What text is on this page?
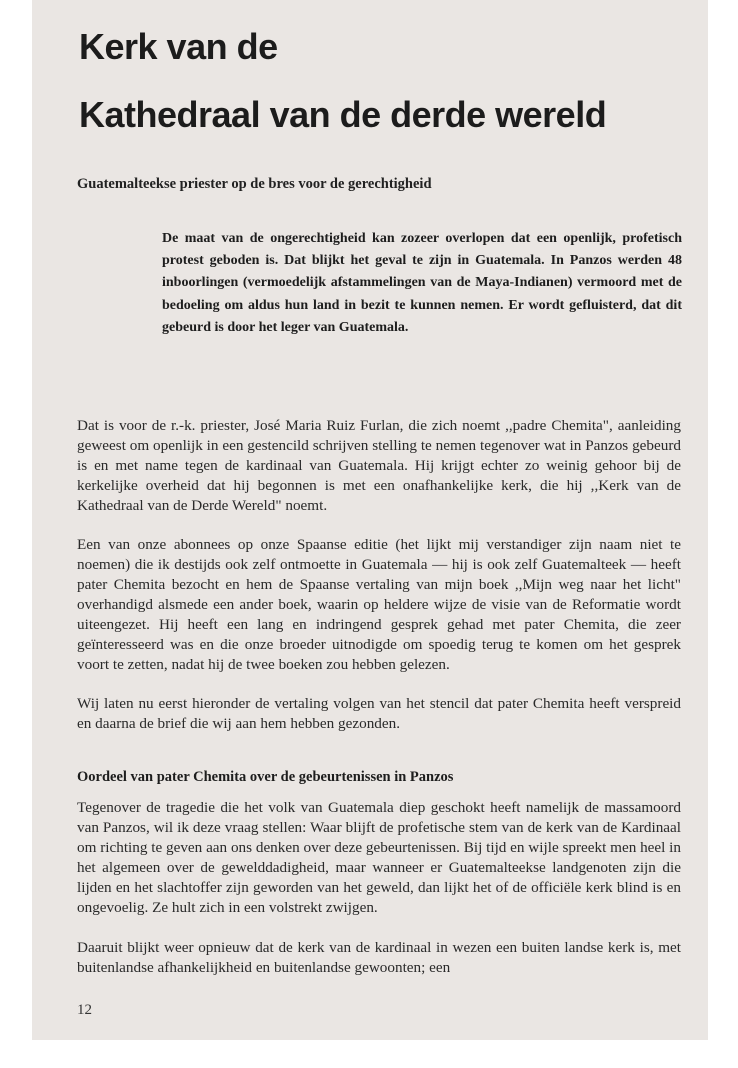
Kerk van de
Kathedraal van de derde wereld
Guatemalteekse priester op de bres voor de gerechtigheid

De maat van de ongerechtigheid kan zozeer overlopen dat een openlijk, profetisch protest geboden is. Dat blijkt het geval te zijn in Guatemala. In Panzos werden 48 inboorlingen (vermoedelijk afstammelingen van de Maya-Indianen) vermoord met de bedoeling om aldus hun land in bezit te kunnen nemen. Er wordt gefluisterd, dat dit gebeurd is door het leger van Guatemala.

Dat is voor de r.-k. priester, José Maria Ruiz Furlan, die zich noemt ,,padre Chemita", aanleiding geweest om openlijk in een gestencild schrijven stelling te nemen tegenover wat in Panzos gebeurd is en met name tegen de kardinaal van Guatemala. Hij krijgt echter zo weinig gehoor bij de kerkelijke overheid dat hij begonnen is met een onafhankelijke kerk, die hij ,,Kerk van de Kathedraal van de Derde Wereld" noemt.

Een van onze abonnees op onze Spaanse editie (het lijkt mij verstandiger zijn naam niet te noemen) die ik destijds ook zelf ontmoette in Guatemala — hij is ook zelf Guatemalteek — heeft pater Chemita bezocht en hem de Spaanse vertaling van mijn boek ,,Mijn weg naar het licht" overhandigd alsmede een ander boek, waarin op heldere wijze de visie van de Reformatie wordt uiteengezet. Hij heeft een lang en indringend gesprek gehad met pater Chemita, die zeer geïnteresseerd was en die onze broeder uitnodigde om spoedig terug te komen om het gesprek voort te zetten, nadat hij de twee boeken zou hebben gelezen.

Wij laten nu eerst hieronder de vertaling volgen van het stencil dat pater Chemita heeft verspreid en daarna de brief die wij aan hem hebben gezonden.

Oordeel van pater Chemita over de gebeurtenissen in Panzos

Tegenover de tragedie die het volk van Guatemala diep geschokt heeft namelijk de massamoord van Panzos, wil ik deze vraag stellen: Waar blijft de profetische stem van de kerk van de Kardinaal om richting te geven aan ons denken over deze gebeurtenissen. Bij tijd en wijle spreekt men heel in het algemeen over de gewelddadigheid, maar wanneer er Guatemalteekse landgenoten zijn die lijden en het slachtoffer zijn geworden van het geweld, dan lijkt het of de officiële kerk blind is en ongevoelig. Ze hult zich in een volstrekt zwijgen.

Daaruit blijkt weer opnieuw dat de kerk van de kardinaal in wezen een buiten landse kerk is, met buitenlandse afhankelijkheid en buitenlandse gewoonten; een

12
